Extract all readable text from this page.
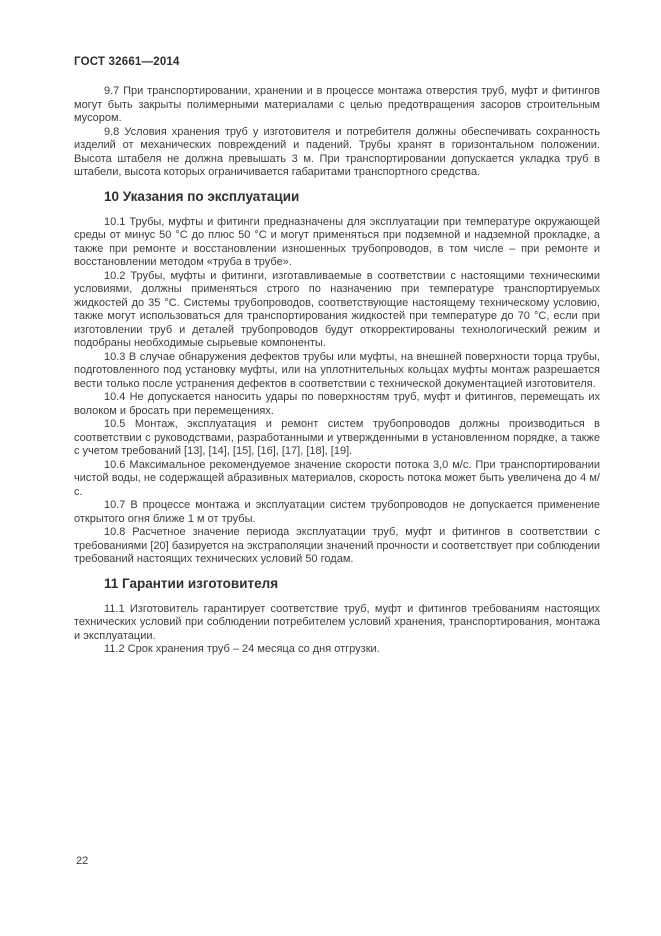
ГОСТ 32661—2014
9.7 При транспортировании, хранении и в процессе монтажа отверстия труб, муфт и фитингов могут быть закрыты полимерными материалами с целью предотвращения засоров строительным мусором.
9.8 Условия хранения труб у изготовителя и потребителя должны обеспечивать сохранность изделий от механических повреждений и падений. Трубы хранят в горизонтальном положении. Высота штабеля не должна превышать 3 м. При транспортировании допускается укладка труб в штабели, высота которых ограничивается габаритами транспортного средства.
10 Указания по эксплуатации
10.1 Трубы, муфты и фитинги предназначены для эксплуатации при температуре окружающей среды от минус 50 °С до плюс 50 °С и могут применяться при подземной и надземной прокладке, а также при ремонте и восстановлении изношенных трубопроводов, в том числе – при ремонте и восстановлении методом «труба в трубе».
10.2 Трубы, муфты и фитинги, изготавливаемые в соответствии с настоящими техническими условиями, должны применяться строго по назначению при температуре транспортируемых жидкостей до 35 °С. Системы трубопроводов, соответствующие настоящему техническому условию, также могут использоваться для транспортирования жидкостей при температуре до 70 °С, если при изготовлении труб и деталей трубопроводов будут откорректированы технологический режим и подобраны необходимые сырьевые компоненты.
10.3 В случае обнаружения дефектов трубы или муфты, на внешней поверхности торца трубы, подготовленного под установку муфты, или на уплотнительных кольцах муфты монтаж разрешается вести только после устранения дефектов в соответствии с технической документацией изготовителя.
10.4 Не допускается наносить удары по поверхностям труб, муфт и фитингов, перемещать их волоком и бросать при перемещениях.
10.5 Монтаж, эксплуатация и ремонт систем трубопроводов должны производиться в соответствии с руководствами, разработанными и утвержденными в установленном порядке, а также с учетом требований [13], [14], [15], [16], [17], [18], [19].
10.6 Максимальное рекомендуемое значение скорости потока 3,0 м/с. При транспортировании чистой воды, не содержащей абразивных материалов, скорость потока может быть увеличена до 4 м/с.
10.7 В процессе монтажа и эксплуатации систем трубопроводов не допускается применение открытого огня ближе 1 м от трубы.
10.8 Расчетное значение периода эксплуатации труб, муфт и фитингов в соответствии с требованиями [20] базируется на экстраполяции значений прочности и соответствует при соблюдении требований настоящих технических условий 50 годам.
11 Гарантии изготовителя
11.1 Изготовитель гарантирует соответствие труб, муфт и фитингов требованиям настоящих технических условий при соблюдении потребителем условий хранения, транспортирования, монтажа и эксплуатации.
11.2 Срок хранения труб – 24 месяца со дня отгрузки.
22
